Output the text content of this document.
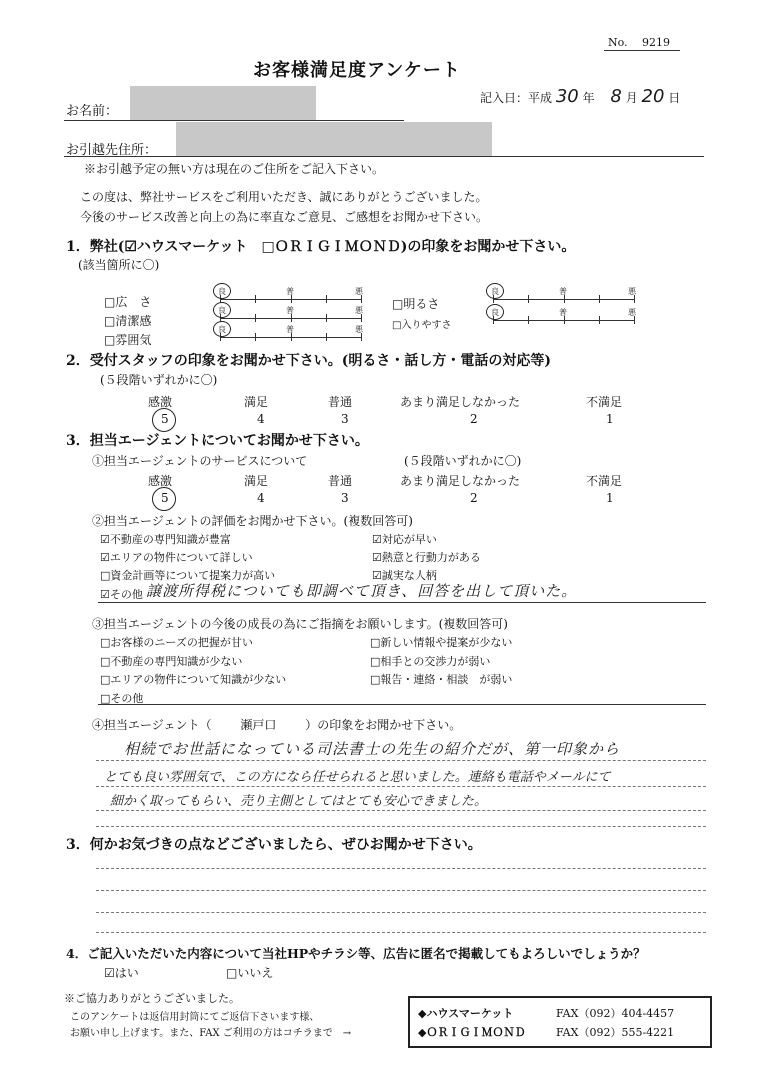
No.　 9219
お客様満足度アンケート
記入日：平成 30 年 8 月 20 日
お名前：
お引越先住所：
※お引越予定の無い方は現在のご住所をご記入下さい。
この度は、弊社サービスをご利用いただき、誠にありがとうございました。
今後のサービス改善と向上の為に率直なご意見、ご感想をお聞かせ下さい。
1．弊社(☑ハウスマーケット　□ＯＲＩＧＩＭＯＮＤ)の印象をお聞かせ下さい。
(該当箇所に〇)
□広　さ
□清潔感
□雰囲気
□明るさ
□入りやすさ
良	普	悪
良	普	悪
良	普	悪
良	普	悪
良	普	悪
2．受付スタッフの印象をお聞かせ下さい。(明るさ・話し方・電話の対応等)
(５段階いずれかに〇)
感激	満足	普通	あまり満足しなかった	不満足
5	4	3	2	1
3．担当エージェントについてお聞かせ下さい。
①担当エージェントのサービスについて	(５段階いずれかに〇)
感激	満足	普通	あまり満足しなかった	不満足
5	4	3	2	1
②担当エージェントの評価をお聞かせ下さい。(複数回答可)
☑不動産の専門知識が豊富
☑エリアの物件について詳しい
□資金計画等について提案力が高い
☑その他
☑対応が早い
☑熱意と行動力がある
☑誠実な人柄
譲渡所得税についても即調べて頂き、回答を出して頂いた。
③担当エージェントの今後の成長の為にご指摘をお願いします。(複数回答可)
□お客様のニーズの把握が甘い
□不動産の専門知識が少ない
□エリアの物件について知識が少ない
□その他
□新しい情報や提案が少ない
□相手との交渉力が弱い
□報告・連絡・相談　が弱い
④担当エージェント（ 瀬戸口 ）の印象をお聞かせ下さい。
相続でお世話になっている司法書士の先生の紹介だが、第一印象から
とても良い雰囲気で、この方になら任せられると思いました。連絡も電話やメールにて
細かく取ってもらい、売り主側としてはとても安心できました。
3．何かお気づきの点などございましたら、ぜひお聞かせ下さい。
4．ご記入いただいた内容について当社HPやチラシ等、広告に匿名で掲載してもよろしいでしょうか？
☑はい	□いいえ
※ご協力ありがとうございました。
このアンケートは返信用封筒にてご返信下さいます様、
お願い申し上げます。また、FAX ご利用の方はコチラまで　→
◆ハウスマーケット	FAX（092）404-4457
◆ＯＲＩＧＩＭＯＮＤ	FAX（092）555-4221
